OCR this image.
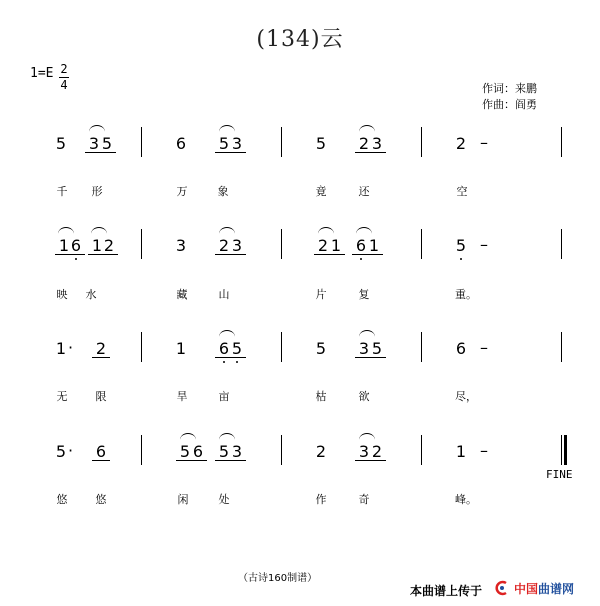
(134)云
1=E 2
4	作词：来鹏
作曲：阎勇
5	3 5	6	5 3	5	2 3	2 –
千 形	万	象	竟	还	空
1 6 1 2	3	2 3	2 1 6 1	5 –
映 水	藏	山	片	复	重。
1 ·	2	1	6 5	5	3 5	6 –
无	限	旱	亩	枯	欲	尽，
5 ·	6	5 6 5 3	2	3 2	1 –
FINE
悠	悠	闲	处	作	奇	峰。
（古诗160制谱）
本曲谱上传于	中国曲谱网
